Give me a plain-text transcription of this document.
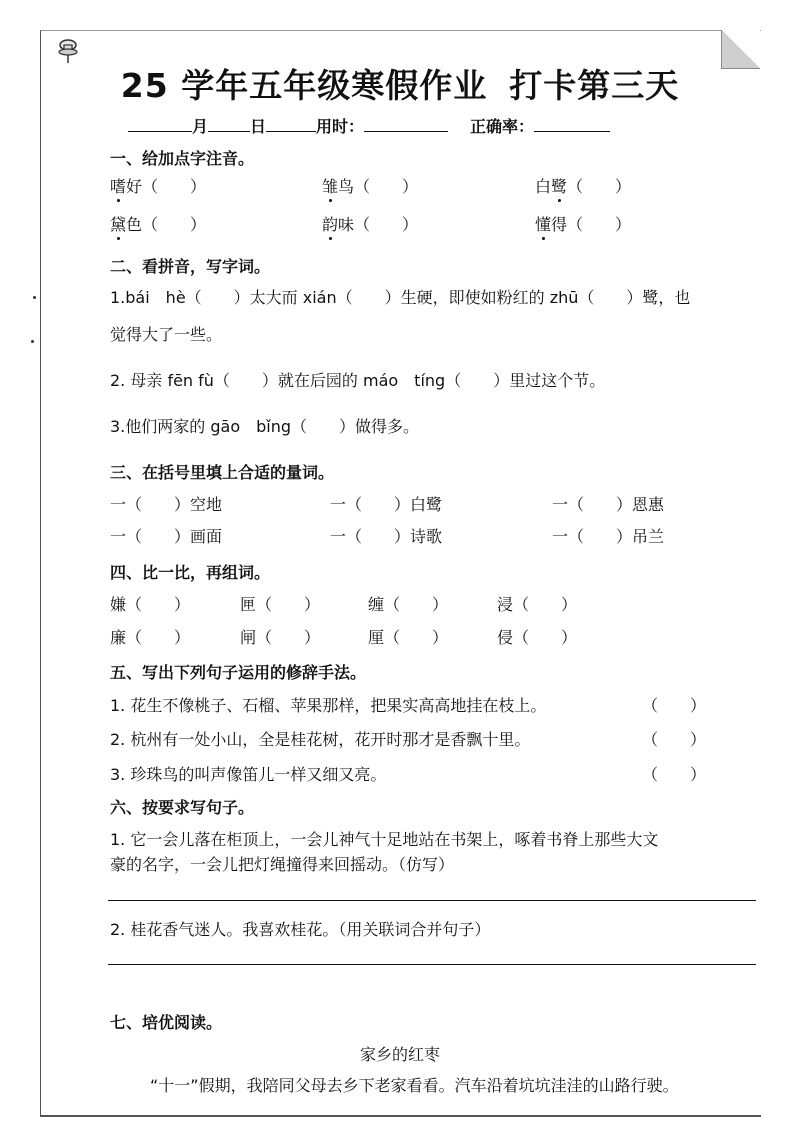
25 学年五年级寒假作业 打卡第三天
月	日	用时：	正确率：
一、给加点字注音。
嗜好（　　）	雏鸟（　　）	白鹭（　　）
黛色（　　）	韵味（　　）	懂得（　　）
二、看拼音，写字词。
1.bái　hè（　　）太大而 xián（　　）生硬，即使如粉红的 zhū（　　）鹭，也
觉得大了一些。
2. 母亲 fēn fù（　　）就在后园的 máo　tíng（　　）里过这个节。
3.他们两家的 gāo　bǐng（　　）做得多。
三、在括号里填上合适的量词。
一（　　）空地	一（　　）白鹭	一（　　）恩惠
一（　　）画面	一（　　）诗歌	一（　　）吊兰
四、比一比，再组词。
嫌（　　）	匣（　　）	缠（　　）	浸（　　）
廉（　　）	闸（　　）	厘（　　）	侵（　　）
五、写出下列句子运用的修辞手法。
1. 花生不像桃子、石榴、苹果那样，把果实高高地挂在枝上。	（　　）
2. 杭州有一处小山，全是桂花树，花开时那才是香飘十里。	（　　）
3. 珍珠鸟的叫声像笛儿一样又细又亮。	（　　）
六、按要求写句子。
1. 它一会儿落在柜顶上，一会儿神气十足地站在书架上，啄着书脊上那些大文
豪的名字，一会儿把灯绳撞得来回摇动。（仿写）
2. 桂花香气迷人。我喜欢桂花。（用关联词合并句子）
七、培优阅读。
家乡的红枣
“十一”假期，我陪同父母去乡下老家看看。汽车沿着坑坑洼洼的山路行驶。
